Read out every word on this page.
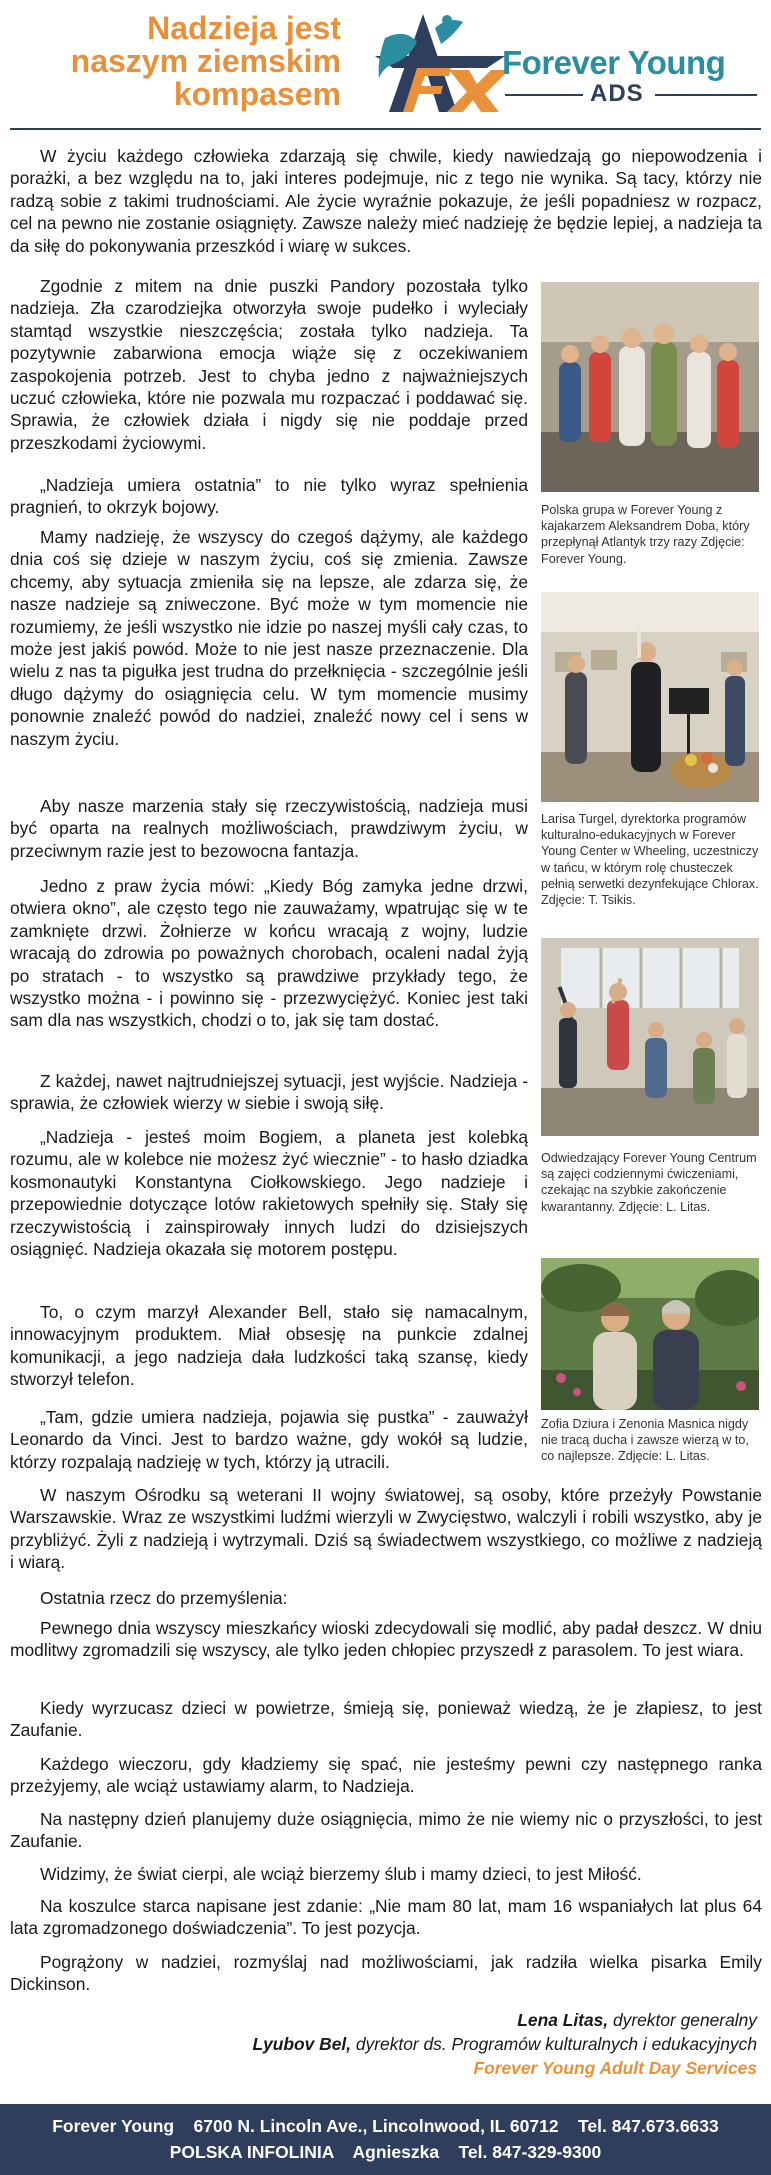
Nadzieja jest
naszym ziemskim
kompasem
Forever Young
ADS

W życiu każdego człowieka zdarzają się chwile, kiedy nawiedzają go niepowodzenia i porażki, a bez względu na to, jaki interes podejmuje, nic z tego nie wynika. Są tacy, którzy nie radzą sobie z takimi trudnościami. Ale życie wyraźnie pokazuje, że jeśli popadniesz w rozpacz, cel na pewno nie zostanie osiągnięty. Zawsze należy mieć nadzieję że będzie lepiej, a nadzieja ta da siłę do pokonywania przeszkód i wiarę w sukces.

Zgodnie z mitem na dnie puszki Pandory pozostała tylko nadzieja. Zła czarodziejka otworzyła swoje pudełko i wyleciały stamtąd wszystkie nieszczęścia; została tylko nadzieja. Ta pozytywnie zabarwiona emocja wiąże się z oczekiwaniem zaspokojenia potrzeb. Jest to chyba jedno z najważniejszych uczuć człowieka, które nie pozwala mu rozpaczać i poddawać się. Sprawia, że człowiek działa i nigdy się nie poddaje przed przeszkodami życiowymi.

„Nadzieja umiera ostatnia” to nie tylko wyraz spełnienia pragnień, to okrzyk bojowy.

Mamy nadzieję, że wszyscy do czegoś dążymy, ale każdego dnia coś się dzieje w naszym życiu, coś się zmienia. Zawsze chcemy, aby sytuacja zmieniła się na lepsze, ale zdarza się, że nasze nadzieje są zniweczone. Być może w tym momencie nie rozumiemy, że jeśli wszystko nie idzie po naszej myśli cały czas, to może jest jakiś powód. Może to nie jest nasze przeznaczenie. Dla wielu z nas ta pigułka jest trudna do przełknięcia - szczególnie jeśli długo dążymy do osiągnięcia celu. W tym momencie musimy ponownie znaleźć powód do nadziei, znaleźć nowy cel i sens w naszym życiu.

Aby nasze marzenia stały się rzeczywistością, nadzieja musi być oparta na realnych możliwościach, prawdziwym życiu, w przeciwnym razie jest to bezowocna fantazja.

Jedno z praw życia mówi: „Kiedy Bóg zamyka jedne drzwi, otwiera okno”, ale często tego nie zauważamy, wpatrując się w te zamknięte drzwi. Żołnierze w końcu wracają z wojny, ludzie wracają do zdrowia po poważnych chorobach, ocaleni nadal żyją po stratach - to wszystko są prawdziwe przykłady tego, że wszystko można - i powinno się - przezwyciężyć. Koniec jest taki sam dla nas wszystkich, chodzi o to, jak się tam dostać.

Z każdej, nawet najtrudniejszej sytuacji, jest wyjście. Nadzieja - sprawia, że człowiek wierzy w siebie i swoją siłę.

„Nadzieja - jesteś moim Bogiem, a planeta jest kolebką rozumu, ale w kolebce nie możesz żyć wiecznie” - to hasło dziadka kosmonautyki Konstantyna Ciołkowskiego. Jego nadzieje i przepowiednie dotyczące lotów rakietowych spełniły się. Stały się rzeczywistością i zainspirowały innych ludzi do dzisiejszych osiągnięć. Nadzieja okazała się motorem postępu.

To, o czym marzył Alexander Bell, stało się namacalnym, innowacyjnym produktem. Miał obsesję na punkcie zdalnej komunikacji, a jego nadzieja dała ludzkości taką szansę, kiedy stworzył telefon.

„Tam, gdzie umiera nadzieja, pojawia się pustka” - zauważył Leonardo da Vinci. Jest to bardzo ważne, gdy wokół są ludzie, którzy rozpalają nadzieję w tych, którzy ją utracili.

W naszym Ośrodku są weterani II wojny światowej, są osoby, które przeżyły Powstanie Warszawskie. Wraz ze wszystkimi ludźmi wierzyli w Zwycięstwo, walczyli i robili wszystko, aby je przybliżyć. Żyli z nadzieją i wytrzymali. Dziś są świadectwem wszystkiego, co możliwe z nadzieją i wiarą.

Ostatnia rzecz do przemyślenia:

Pewnego dnia wszyscy mieszkańcy wioski zdecydowali się modlić, aby padał deszcz. W dniu modlitwy zgromadzili się wszyscy, ale tylko jeden chłopiec przyszedł z parasolem. To jest wiara.

Kiedy wyrzucasz dzieci w powietrze, śmieją się, ponieważ wiedzą, że je złapiesz, to jest Zaufanie.

Każdego wieczoru, gdy kładziemy się spać, nie jesteśmy pewni czy następnego ranka przeżyjemy, ale wciąż ustawiamy alarm, to Nadzieja.

Na następny dzień planujemy duże osiągnięcia, mimo że nie wiemy nic o przyszłości, to jest Zaufanie.

Widzimy, że świat cierpi, ale wciąż bierzemy ślub i mamy dzieci, to jest Miłość.

Na koszulce starca napisane jest zdanie: „Nie mam 80 lat, mam 16 wspaniałych lat plus 64 lata zgromadzonego doświadczenia”. To jest pozycja.

Pogrążony w nadziei, rozmyślaj nad możliwościami, jak radziła wielka pisarka Emily Dickinson.

Polska grupa w Forever Young z kajakarzem Aleksandrem Doba, który przepłynął Atlantyk trzy razy Zdjęcie: Forever Young.
Larisa Turgel, dyrektorka programów kulturalno-edukacyjnych w Forever Young Center w Wheeling, uczestniczy w tańcu, w którym rolę chusteczek pełnią serwetki dezynfekujące Chlorax. Zdjęcie: T. Tsikis.
Odwiedzający Forever Young Centrum są zajęci codziennymi ćwiczeniami, czekając na szybkie zakończenie kwarantanny. Zdjęcie: L. Litas.
Zofia Dziura i Zenonia Masnica nigdy nie tracą ducha i zawsze wierzą w to, co najlepsze. Zdjęcie: L. Litas.
Lena Litas, dyrektor generalny
Lyubov Bel, dyrektor ds. Programów kulturalnych i edukacyjnych
Forever Young Adult Day Services
Forever Young    6700 N. Lincoln Ave., Lincolnwood, IL 60712    Tel. 847.673.6633
POLSKA INFOLINIA    Agnieszka    Tel. 847-329-9300
